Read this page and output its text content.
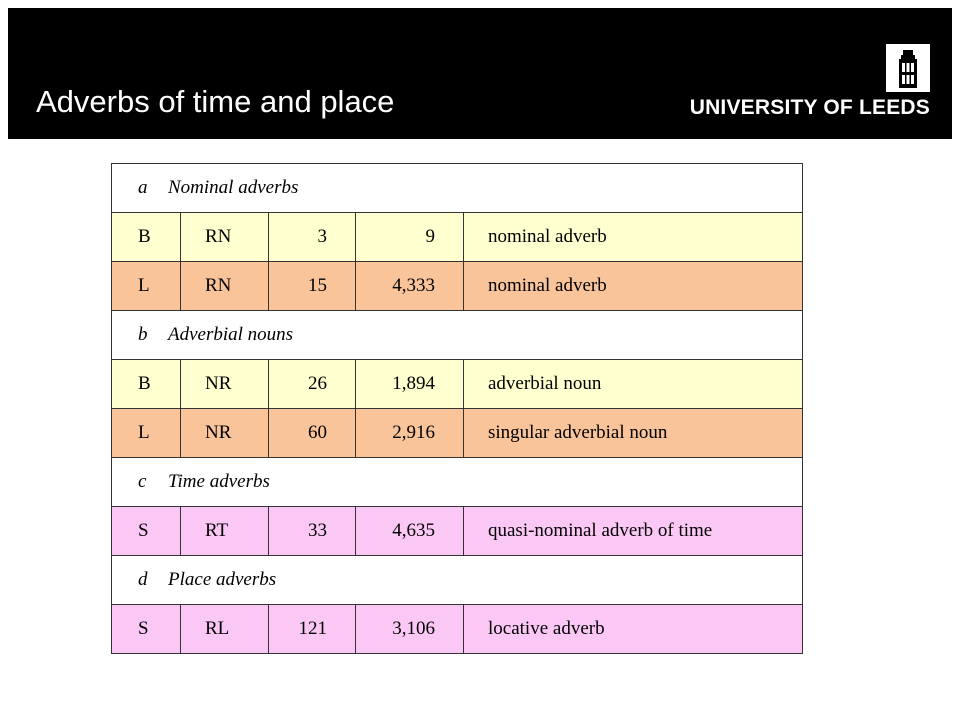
Adverbs of time and place	UNIVERSITY OF LEEDS
a Nominal adverbs				
B	RN	3	9	nominal adverb
L	RN	15	4,333	nominal adverb
b Adverbial nouns				
B	NR	26	1,894	adverbial noun
L	NR	60	2,916	singular adverbial noun
c Time adverbs				
S	RT	33	4,635	quasi-nominal adverb of time
d Place adverbs				
S	RL	121	3,106	locative adverb
